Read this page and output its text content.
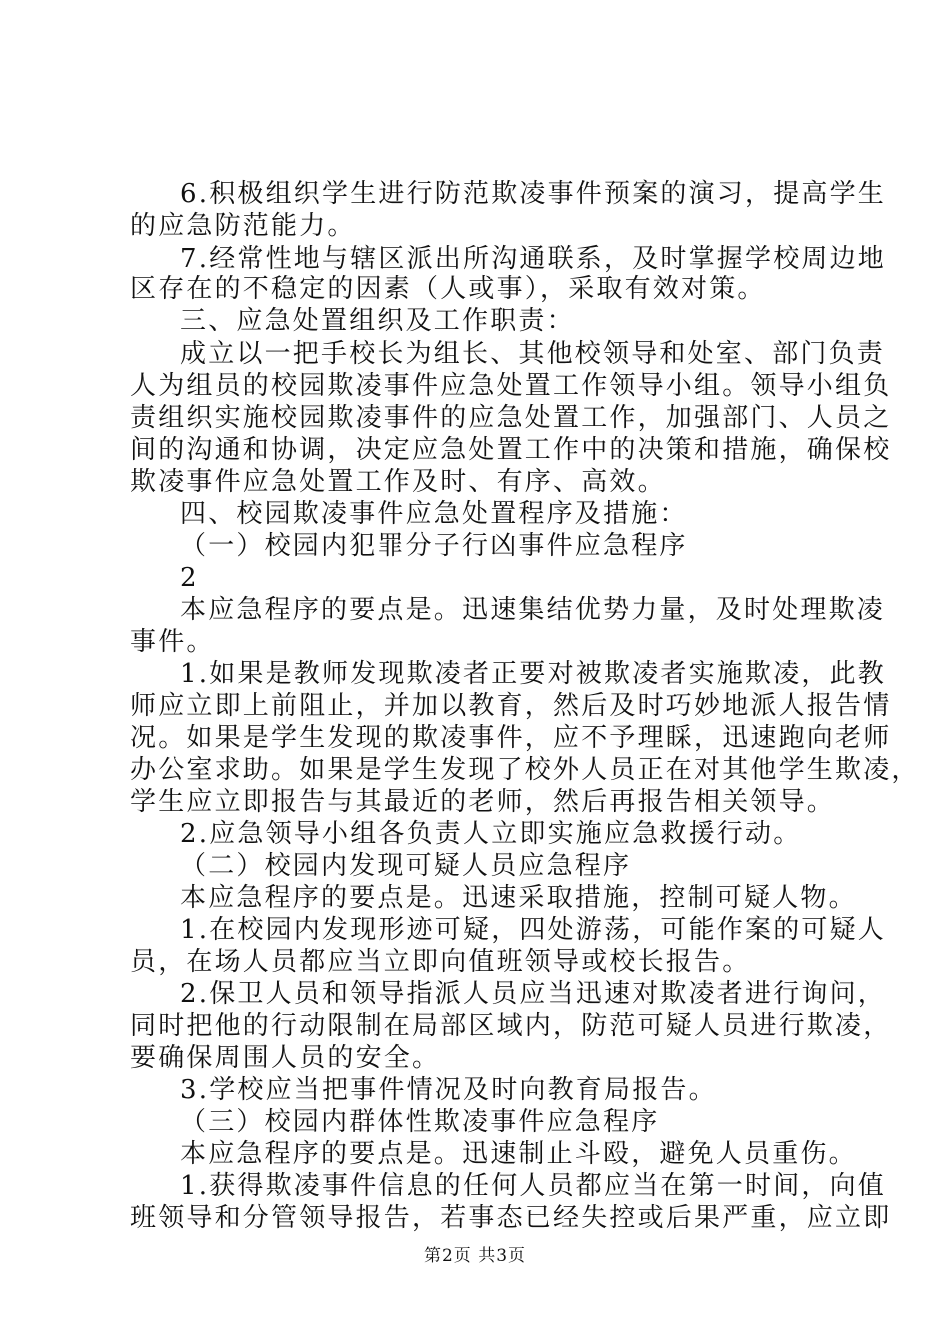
6.积极组织学生进行防范欺凌事件预案的演习，提高学生
的应急防范能力。
7.经常性地与辖区派出所沟通联系，及时掌握学校周边地
区存在的不稳定的因素（人或事），采取有效对策。
三、应急处置组织及工作职责：
成立以一把手校长为组长、其他校领导和处室、部门负责
人为组员的校园欺凌事件应急处置工作领导小组。领导小组负
责组织实施校园欺凌事件的应急处置工作，加强部门、人员之
间的沟通和协调，决定应急处置工作中的决策和措施，确保校
欺凌事件应急处置工作及时、有序、高效。
四、校园欺凌事件应急处置程序及措施：
（一）校园内犯罪分子行凶事件应急程序
2
本应急程序的要点是。迅速集结优势力量，及时处理欺凌
事件。
1.如果是教师发现欺凌者正要对被欺凌者实施欺凌，此教
师应立即上前阻止，并加以教育，然后及时巧妙地派人报告情
况。如果是学生发现的欺凌事件，应不予理睬，迅速跑向老师
办公室求助。如果是学生发现了校外人员正在对其他学生欺凌，
学生应立即报告与其最近的老师，然后再报告相关领导。
2.应急领导小组各负责人立即实施应急救援行动。
（二）校园内发现可疑人员应急程序
本应急程序的要点是。迅速采取措施，控制可疑人物。
1.在校园内发现形迹可疑，四处游荡，可能作案的可疑人
员，在场人员都应当立即向值班领导或校长报告。
2.保卫人员和领导指派人员应当迅速对欺凌者进行询问，
同时把他的行动限制在局部区域内，防范可疑人员进行欺凌，
要确保周围人员的安全。
3.学校应当把事件情况及时向教育局报告。
（三）校园内群体性欺凌事件应急程序
本应急程序的要点是。迅速制止斗殴，避免人员重伤。
1.获得欺凌事件信息的任何人员都应当在第一时间，向值
班领导和分管领导报告，若事态已经失控或后果严重，应立即
第2页 共3页
